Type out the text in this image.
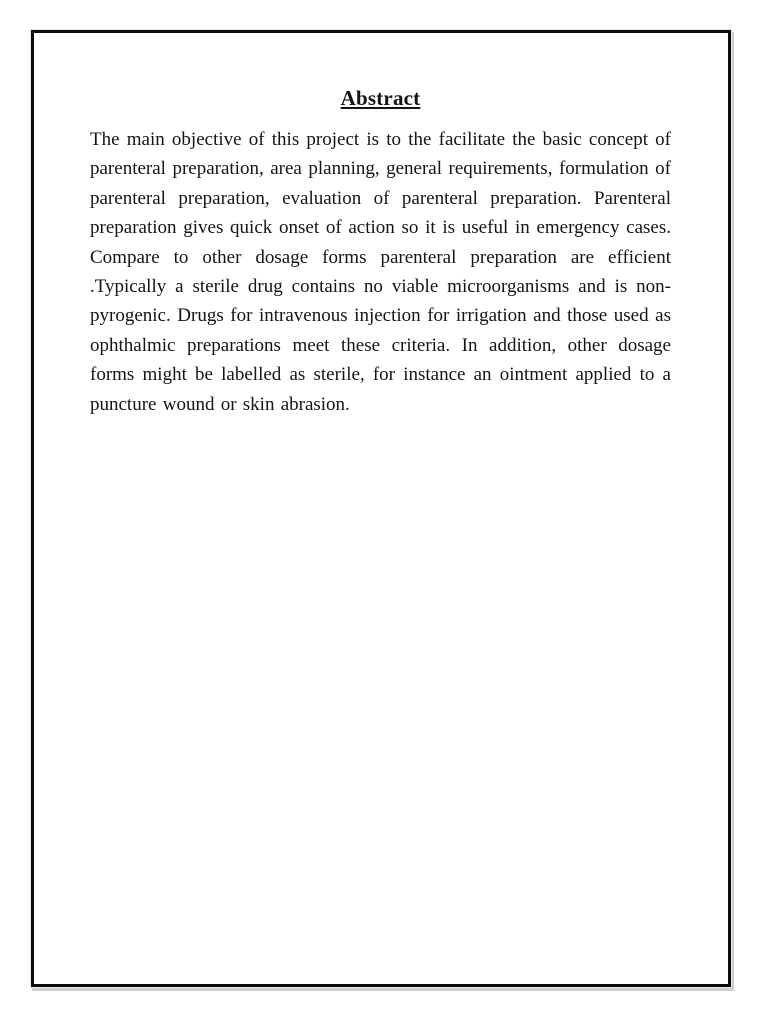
Abstract

The main objective of this project is to the facilitate the basic concept of parenteral preparation, area planning, general requirements, formulation of parenteral preparation, evaluation of parenteral preparation. Parenteral preparation gives quick onset of action so it is useful in emergency cases. Compare to other dosage forms parenteral preparation are efficient .Typically a sterile drug contains no viable microorganisms and is non-pyrogenic. Drugs for intravenous injection for irrigation and those used as ophthalmic preparations meet these criteria. In addition, other dosage forms might be labelled as sterile, for instance an ointment applied to a puncture wound or skin abrasion.
